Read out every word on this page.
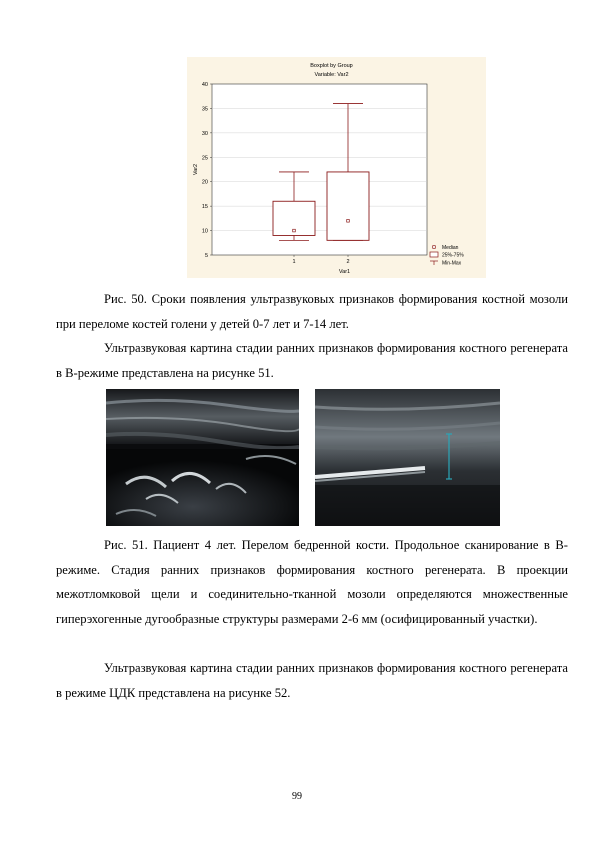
Boxplot by Group
Variable: Var2
5
10
15
20
25
30
35
40
Var2
Var1
1	2
Median
25%-75%
Min-Max

Рис. 50. Сроки появления ультразвуковых признаков формирования костной мозоли при переломе костей голени у детей 0-7 лет и 7-14 лет.

Ультразвуковая картина стадии ранних признаков формирования костного регенерата в В-режиме представлена на рисунке 51.

Рис. 51. Пациент 4 лет. Перелом бедренной кости. Продольное сканирование в В-режиме. Стадия ранних признаков формирования костного регенерата. В проекции межотломковой щели и соединительно-тканной мозоли определяются множественные гиперэхогенные дугообразные структуры размерами 2-6 мм (осифицированный участки).

Ультразвуковая картина стадии ранних признаков формирования костного регенерата в режиме ЦДК представлена на рисунке 52.

99
